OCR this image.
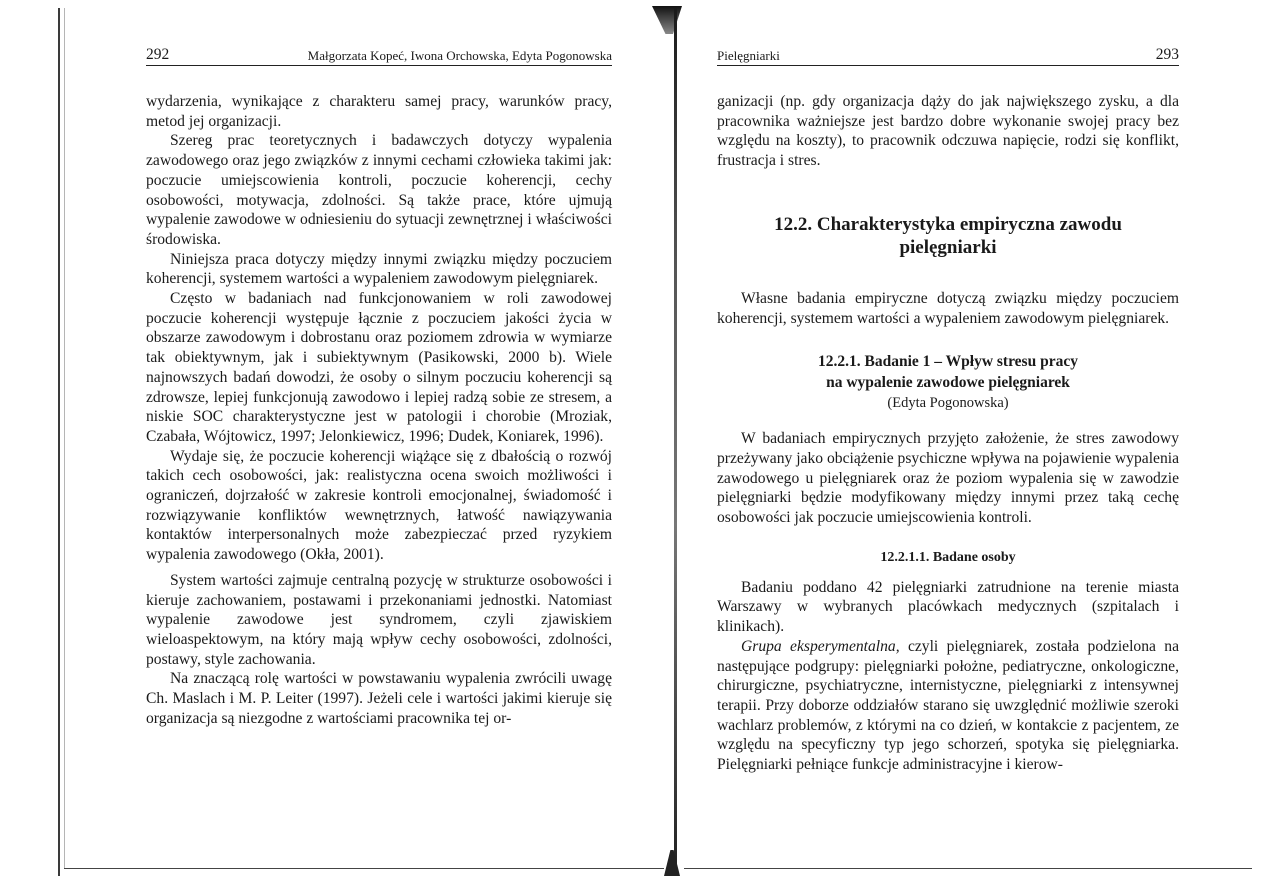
292	Małgorzata Kopeć, Iwona Orchowska, Edyta Pogonowska

wydarzenia, wynikające z charakteru samej pracy, warunków pracy, metod jej organizacji.

Szereg prac teoretycznych i badawczych dotyczy wypalenia zawodowego oraz jego związków z innymi cechami człowieka takimi jak: poczucie umiejscowienia kontroli, poczucie koherencji, cechy osobowości, motywacja, zdolności. Są także prace, które ujmują wypalenie zawodowe w odniesieniu do sytuacji zewnętrznej i właściwości środowiska.

Niniejsza praca dotyczy między innymi związku między poczuciem koherencji, systemem wartości a wypaleniem zawodowym pielęgniarek.

Często w badaniach nad funkcjonowaniem w roli zawodowej poczucie koherencji występuje łącznie z poczuciem jakości życia w obszarze zawodowym i dobrostanu oraz poziomem zdrowia w wymiarze tak obiektywnym, jak i subiektywnym (Pasikowski, 2000 b). Wiele najnowszych badań dowodzi, że osoby o silnym poczuciu koherencji są zdrowsze, lepiej funkcjonują zawodowo i lepiej radzą sobie ze stresem, a niskie SOC charakterystyczne jest w patologii i chorobie (Mroziak, Czabała, Wójtowicz, 1997; Jelonkiewicz, 1996; Dudek, Koniarek, 1996).

Wydaje się, że poczucie koherencji wiążące się z dbałością o rozwój takich cech osobowości, jak: realistyczna ocena swoich możliwości i ograniczeń, dojrzałość w zakresie kontroli emocjonalnej, świadomość i rozwiązywanie konfliktów wewnętrznych, łatwość nawiązywania kontaktów interpersonalnych może zabezpieczać przed ryzykiem wypalenia zawodowego (Okła, 2001).

System wartości zajmuje centralną pozycję w strukturze osobowości i kieruje zachowaniem, postawami i przekonaniami jednostki. Natomiast wypalenie zawodowe jest syndromem, czyli zjawiskiem wieloaspektowym, na który mają wpływ cechy osobowości, zdolności, postawy, style zachowania.

Na znaczącą rolę wartości w powstawaniu wypalenia zwrócili uwagę Ch. Maslach i M. P. Leiter (1997). Jeżeli cele i wartości jakimi kieruje się organizacja są niezgodne z wartościami pracownika tej or-

Pielęgniarki	293

ganizacji (np. gdy organizacja dąży do jak największego zysku, a dla pracownika ważniejsze jest bardzo dobre wykonanie swojej pracy bez względu na koszty), to pracownik odczuwa napięcie, rodzi się konflikt, frustracja i stres.

12.2. Charakterystyka empiryczna zawodu
pielęgniarki

Własne badania empiryczne dotyczą związku między poczuciem koherencji, systemem wartości a wypaleniem zawodowym pielęgniarek.

12.2.1. Badanie 1 – Wpływ stresu pracy
na wypalenie zawodowe pielęgniarek
(Edyta Pogonowska)

W badaniach empirycznych przyjęto założenie, że stres zawodowy przeżywany jako obciążenie psychiczne wpływa na pojawienie wypalenia zawodowego u pielęgniarek oraz że poziom wypalenia się w zawodzie pielęgniarki będzie modyfikowany między innymi przez taką cechę osobowości jak poczucie umiejscowienia kontroli.

12.2.1.1. Badane osoby

Badaniu poddano 42 pielęgniarki zatrudnione na terenie miasta Warszawy w wybranych placówkach medycznych (szpitalach i klinikach).

Grupa eksperymentalna, czyli pielęgniarek, została podzielona na następujące podgrupy: pielęgniarki położne, pediatryczne, onkologiczne, chirurgiczne, psychiatryczne, internistyczne, pielęgniarki z intensywnej terapii. Przy doborze oddziałów starano się uwzględnić możliwie szeroki wachlarz problemów, z którymi na co dzień, w kontakcie z pacjentem, ze względu na specyficzny typ jego schorzeń, spotyka się pielęgniarka. Pielęgniarki pełniące funkcje administracyjne i kierow-
